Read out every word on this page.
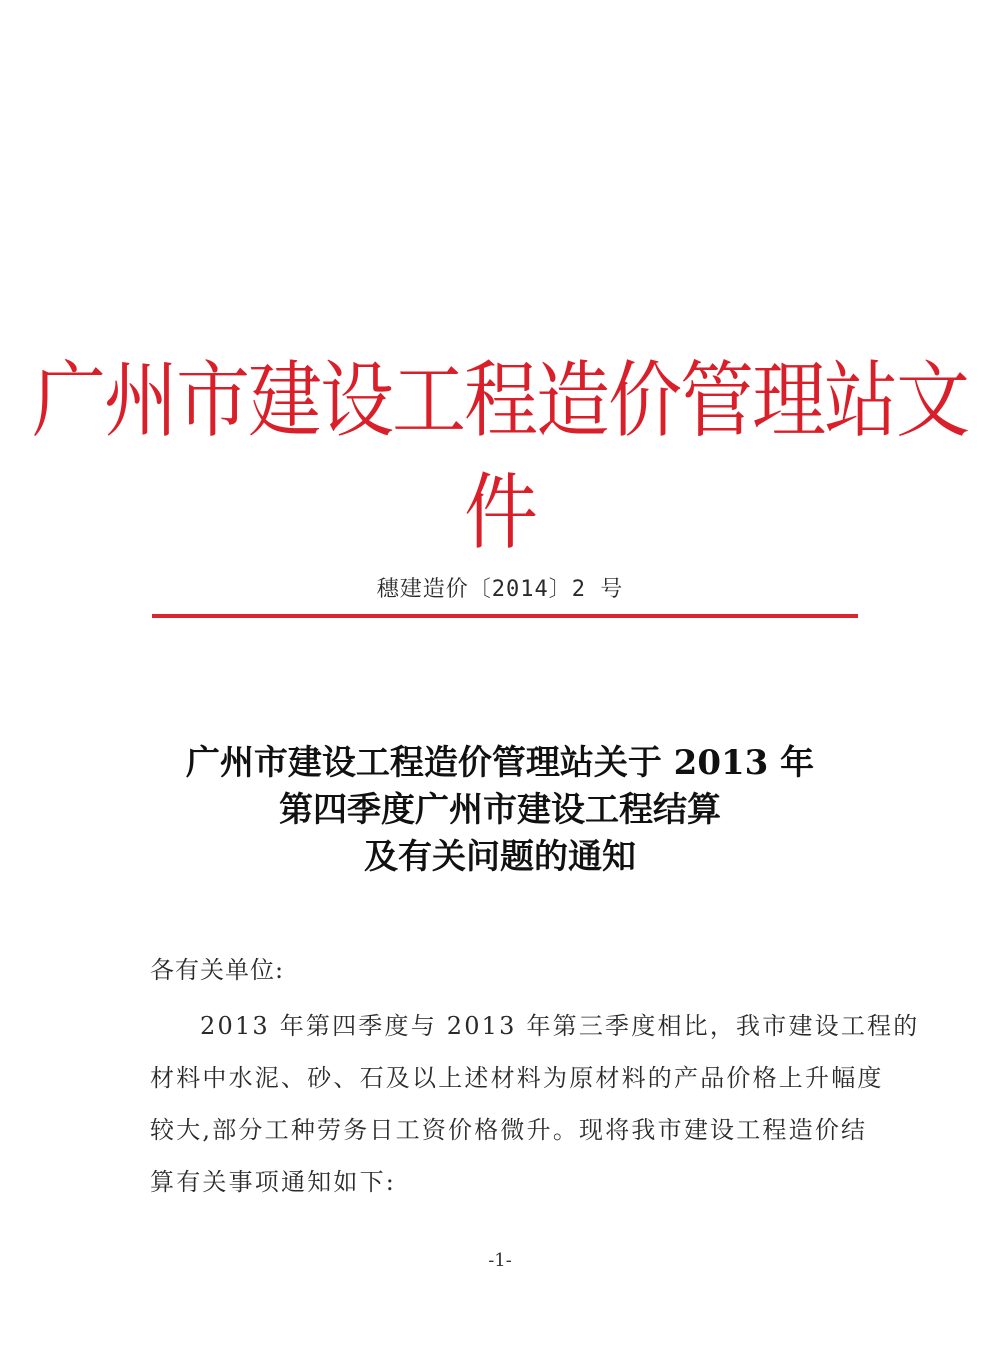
广州市建设工程造价管理站文件
穗建造价〔2014〕2 号
广州市建设工程造价管理站关于 2013 年
第四季度广州市建设工程结算
及有关问题的通知
各有关单位:
2013 年第四季度与 2013 年第三季度相比，我市建设工程的
材料中水泥、砂、石及以上述材料为原材料的产品价格上升幅度
较大,部分工种劳务日工资价格微升。现将我市建设工程造价结
算有关事项通知如下:
-1-
